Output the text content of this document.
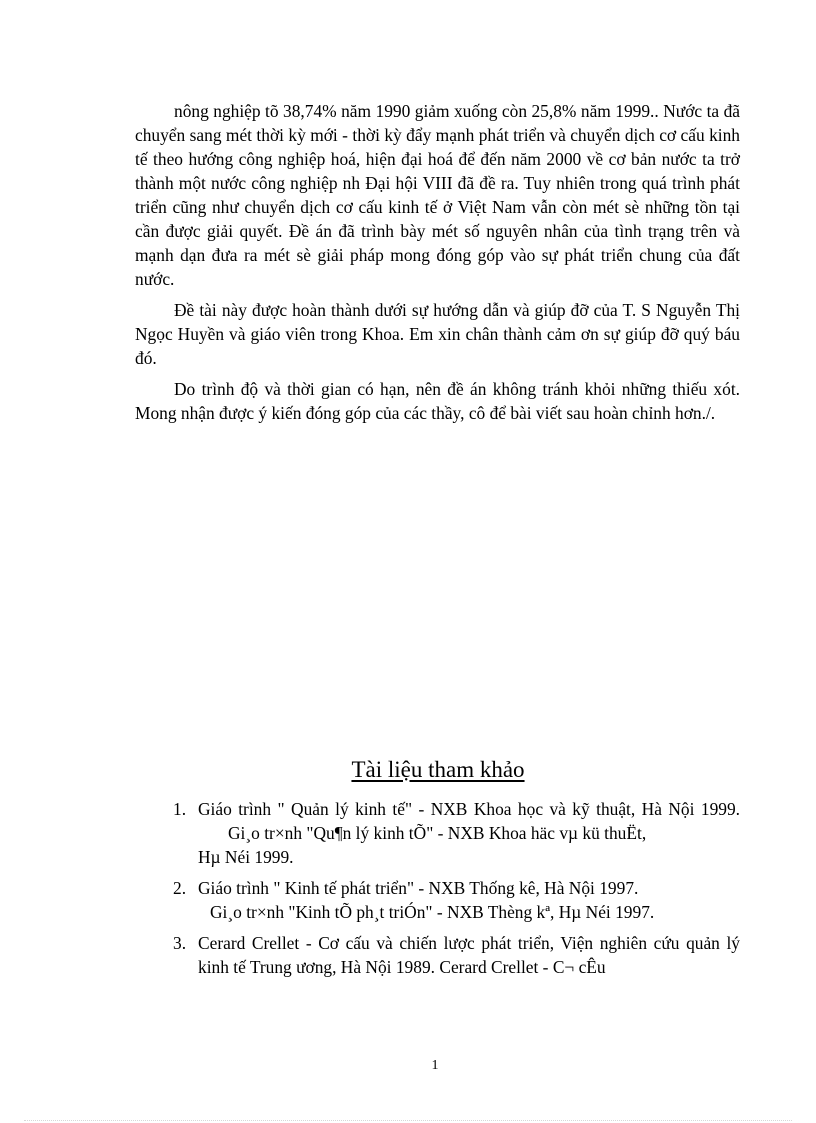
nông nghiệp tõ 38,74% năm 1990 giảm xuống còn 25,8% năm 1999.. Nước ta đã chuyển sang mét thời kỳ mới - thời kỳ đẩy mạnh phát triển và chuyển dịch cơ cấu kinh tế theo hướng công nghiệp hoá, hiện đại hoá để đến năm 2000 về cơ bản nước ta trở thành một nước công nghiệp nh Đại hội VIII đã đề ra. Tuy nhiên trong quá trình phát triển cũng như chuyển dịch cơ cấu kinh tế ở Việt Nam vẫn còn mét sè những tồn tại cần được giải quyết. Đề án đã trình bày mét số nguyên nhân của tình trạng trên và mạnh dạn đưa ra mét sè giải pháp mong đóng góp vào sự phát triển chung của đất nước.

Đề tài này được hoàn thành dưới sự hướng dẫn và giúp đỡ của T. S Nguyễn Thị Ngọc Huyền và giáo viên trong Khoa. Em xin chân thành cảm ơn sự giúp đỡ quý báu đó.

Do trình độ và thời gian có hạn, nên đề án không tránh khỏi những thiếu xót. Mong nhận được ý kiến đóng góp của các thầy, cô để bài viết sau hoàn chỉnh hơn./.

Tài liệu tham khảo
1. Giáo trình " Quản lý kinh tế" - NXB Khoa học và kỹ thuật, Hà Nội 1999. Gi¸o tr×nh "Qu¶n lý kinh tÕ" - NXB Khoa häc vµ kü thuËt,
Hµ Néi 1999.
2. Giáo trình " Kinh tế phát triển" - NXB Thống kê, Hà Nội 1997.
Gi¸o tr×nh "Kinh tÕ ph¸t triÓn" - NXB Thèng kª, Hµ Néi 1997.
3. Cerard Crellet - Cơ cấu và chiến lược phát triển, Viện nghiên cứu quản lý kinh tế Trung ương, Hà Nội 1989. Cerard Crellet - C¬ cÊu
1
